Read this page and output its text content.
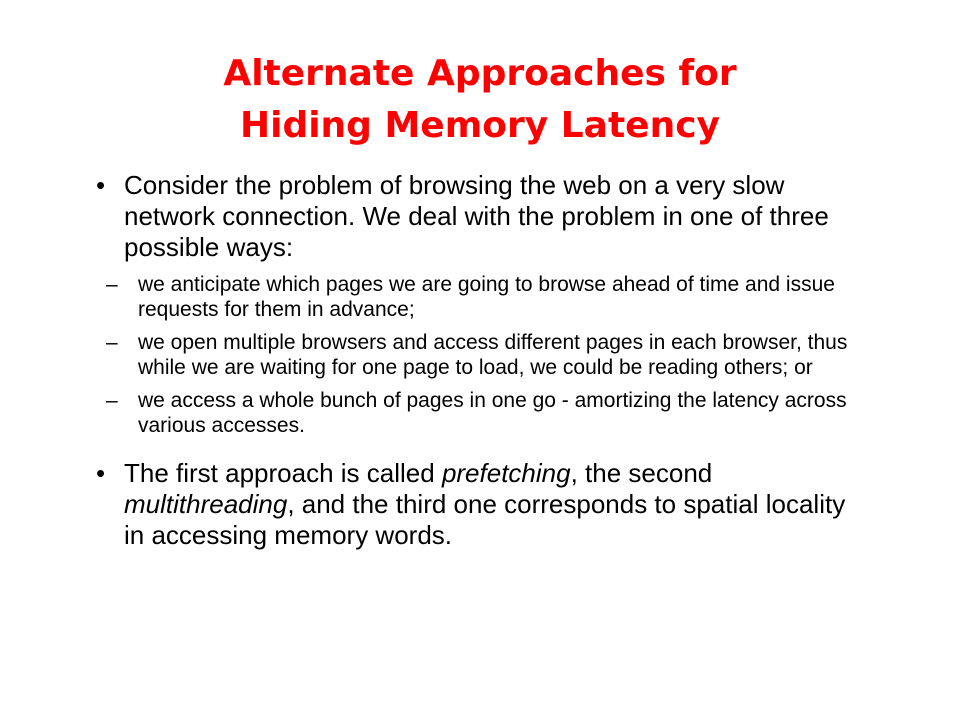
Alternate Approaches for
Hiding Memory Latency
• Consider the problem of browsing the web on a very slow network connection. We deal with the problem in one of three possible ways:
– we anticipate which pages we are going to browse ahead of time and issue requests for them in advance;
– we open multiple browsers and access different pages in each browser, thus while we are waiting for one page to load, we could be reading others; or
– we access a whole bunch of pages in one go - amortizing the latency across various accesses.
• The first approach is called prefetching, the second multithreading, and the third one corresponds to spatial locality in accessing memory words.
